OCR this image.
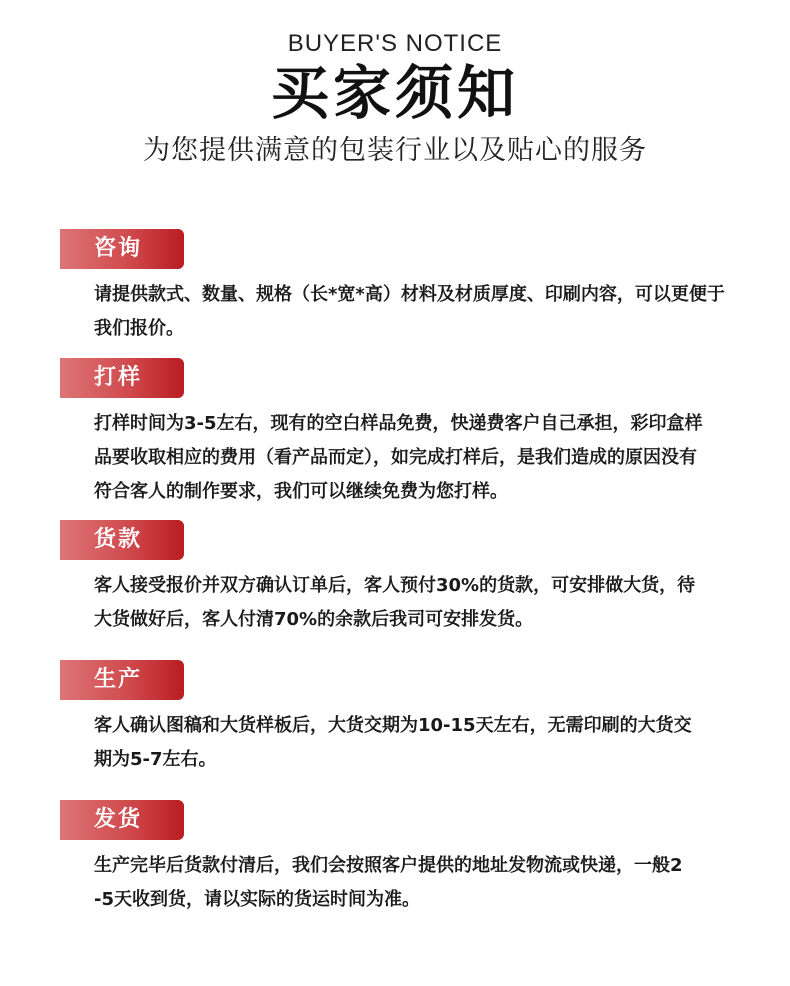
BUYER'S NOTICE
买家须知
为您提供满意的包装行业以及贴心的服务
咨询
请提供款式、数量、规格（长*宽*高）材料及材质厚度、印刷内容，可以更便于
我们报价。
打样
打样时间为3-5左右，现有的空白样品免费，快递费客户自己承担，彩印盒样
品要收取相应的费用（看产品而定），如完成打样后，是我们造成的原因没有
符合客人的制作要求，我们可以继续免费为您打样。
货款
客人接受报价并双方确认订单后，客人预付30%的货款，可安排做大货，待
大货做好后，客人付清70%的余款后我司可安排发货。
生产
客人确认图稿和大货样板后，大货交期为10-15天左右，无需印刷的大货交
期为5-7左右。
发货
生产完毕后货款付清后，我们会按照客户提供的地址发物流或快递，一般2
-5天收到货，请以实际的货运时间为准。
